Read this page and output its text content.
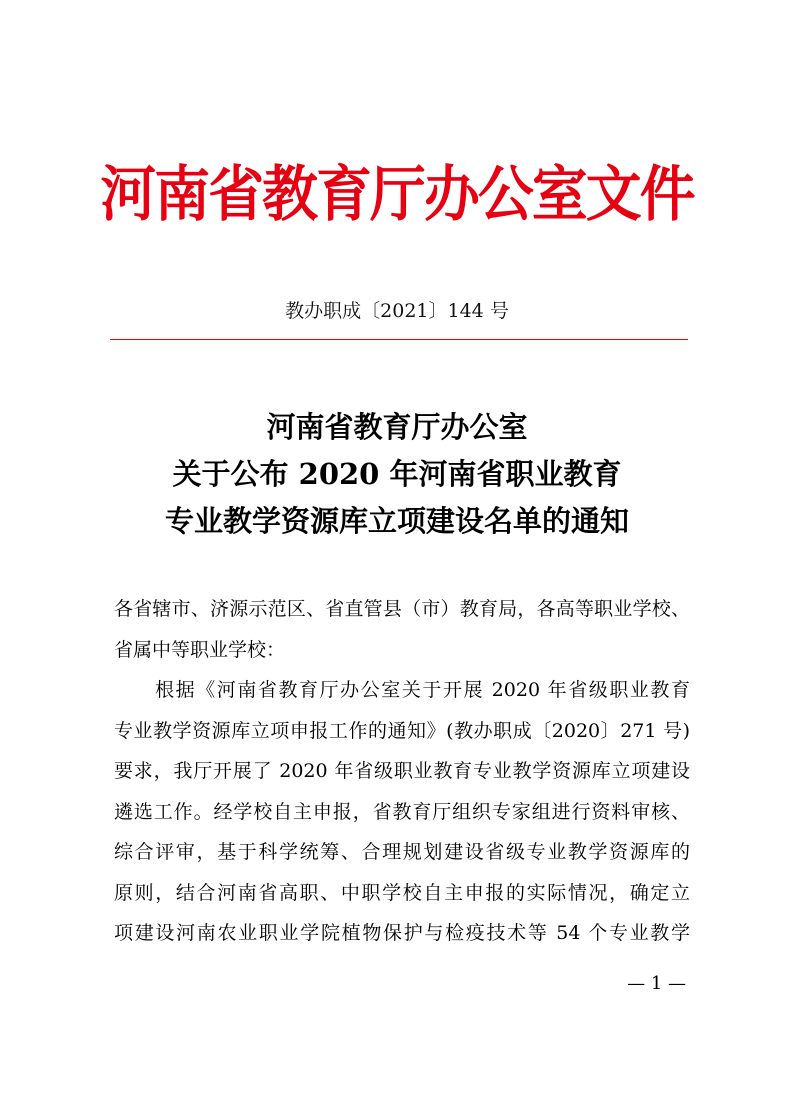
河南省教育厅办公室文件
教办职成〔2021〕144 号
河南省教育厅办公室
关于公布 2020 年河南省职业教育
专业教学资源库立项建设名单的通知
各省辖市、济源示范区、省直管县（市）教育局，各高等职业学校、
省属中等职业学校：
　　根据《河南省教育厅办公室关于开展 2020 年省级职业教育
专业教学资源库立项申报工作的通知》(教办职成〔2020〕271 号)
要求，我厅开展了 2020 年省级职业教育专业教学资源库立项建设
遴选工作。经学校自主申报，省教育厅组织专家组进行资料审核、
综合评审，基于科学统筹、合理规划建设省级专业教学资源库的
原则，结合河南省高职、中职学校自主申报的实际情况，确定立
项建设河南农业职业学院植物保护与检疫技术等 54 个专业教学
— 1 —
